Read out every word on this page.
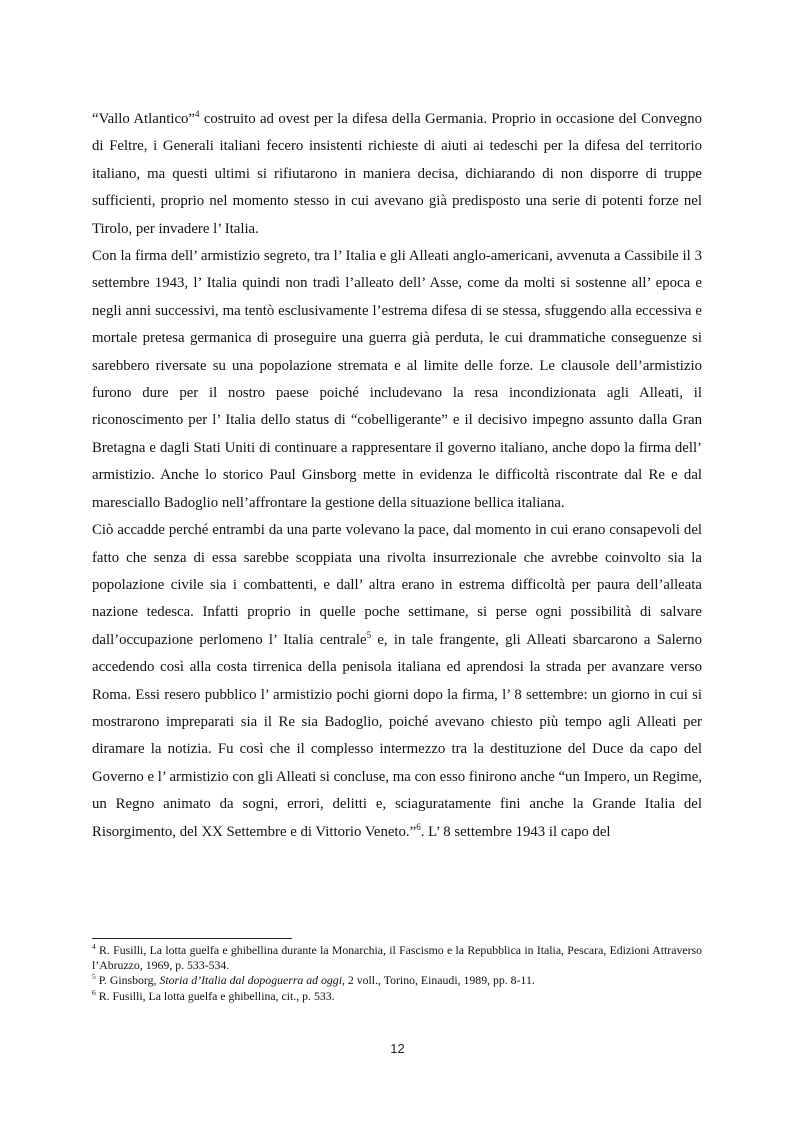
“Vallo Atlantico”$^4$ costruito ad ovest per la difesa della Germania. Proprio in occasione del Convegno di Feltre, i Generali italiani fecero insistenti richieste di aiuti ai tedeschi per la difesa del territorio italiano, ma questi ultimi si rifiutarono in maniera decisa, dichiarando di non disporre di truppe sufficienti, proprio nel momento stesso in cui avevano già predisposto una serie di potenti forze nel Tirolo, per invadere l’ Italia.

Con la firma dell’ armistizio segreto, tra l’ Italia e gli Alleati anglo-americani, avvenuta a Cassibile il 3 settembre 1943, l’ Italia quindi non tradì l’alleato dell’ Asse, come da molti si sostenne all’ epoca e negli anni successivi, ma tentò esclusivamente l’estrema difesa di se stessa, sfuggendo alla eccessiva e mortale pretesa germanica di proseguire una guerra già perduta, le cui drammatiche conseguenze si sarebbero riversate su una popolazione stremata e al limite delle forze. Le clausole dell’armistizio furono dure per il nostro paese poiché includevano la resa incondizionata agli Alleati, il riconoscimento per l’ Italia dello status di “cobelligerante” e il decisivo impegno assunto dalla Gran Bretagna e dagli Stati Uniti di continuare a rappresentare il governo italiano, anche dopo la firma dell’ armistizio. Anche lo storico Paul Ginsborg mette in evidenza le difficoltà riscontrate dal Re e dal maresciallo Badoglio nell’affrontare la gestione della situazione bellica italiana.

Ciò accadde perché entrambi da una parte volevano la pace, dal momento in cui erano consapevoli del fatto che senza di essa sarebbe scoppiata una rivolta insurrezionale che avrebbe coinvolto sia la popolazione civile sia i combattenti, e dall’ altra erano in estrema difficoltà per paura dell’alleata nazione tedesca. Infatti proprio in quelle poche settimane, si perse ogni possibilità di salvare dall’occupazione perlomeno l’ Italia centrale$^5$ e, in tale frangente, gli Alleati sbarcarono a Salerno accedendo così alla costa tirrenica della penisola italiana ed aprendosi la strada per avanzare verso Roma. Essi resero pubblico l’ armistizio pochi giorni dopo la firma, l’ 8 settembre: un giorno in cui si mostrarono impreparati sia il Re sia Badoglio, poiché avevano chiesto più tempo agli Alleati per diramare la notizia. Fu così che il complesso intermezzo tra la destituzione del Duce da capo del Governo e l’ armistizio con gli Alleati si concluse, ma con esso finirono anche “un Impero, un Regime, un Regno animato da sogni, errori, delitti e, sciaguratamente fini anche la Grande Italia del Risorgimento, del XX Settembre e di Vittorio Veneto.”$^6$. L’ 8 settembre 1943 il capo del

$^4$ R. Fusilli, La lotta guelfa e ghibellina durante la Monarchia, il Fascismo e la Repubblica in Italia, Pescara, Edizioni Attraverso l’Abruzzo, 1969, p. 533-534.

$^5$ P. Ginsborg, Storia d’Italia dal dopoguerra ad oggi, 2 voll., Torino, Einaudi, 1989, pp. 8-11.

$^6$ R. Fusilli, La lotta guelfa e ghibellina, cit., p. 533.

12
